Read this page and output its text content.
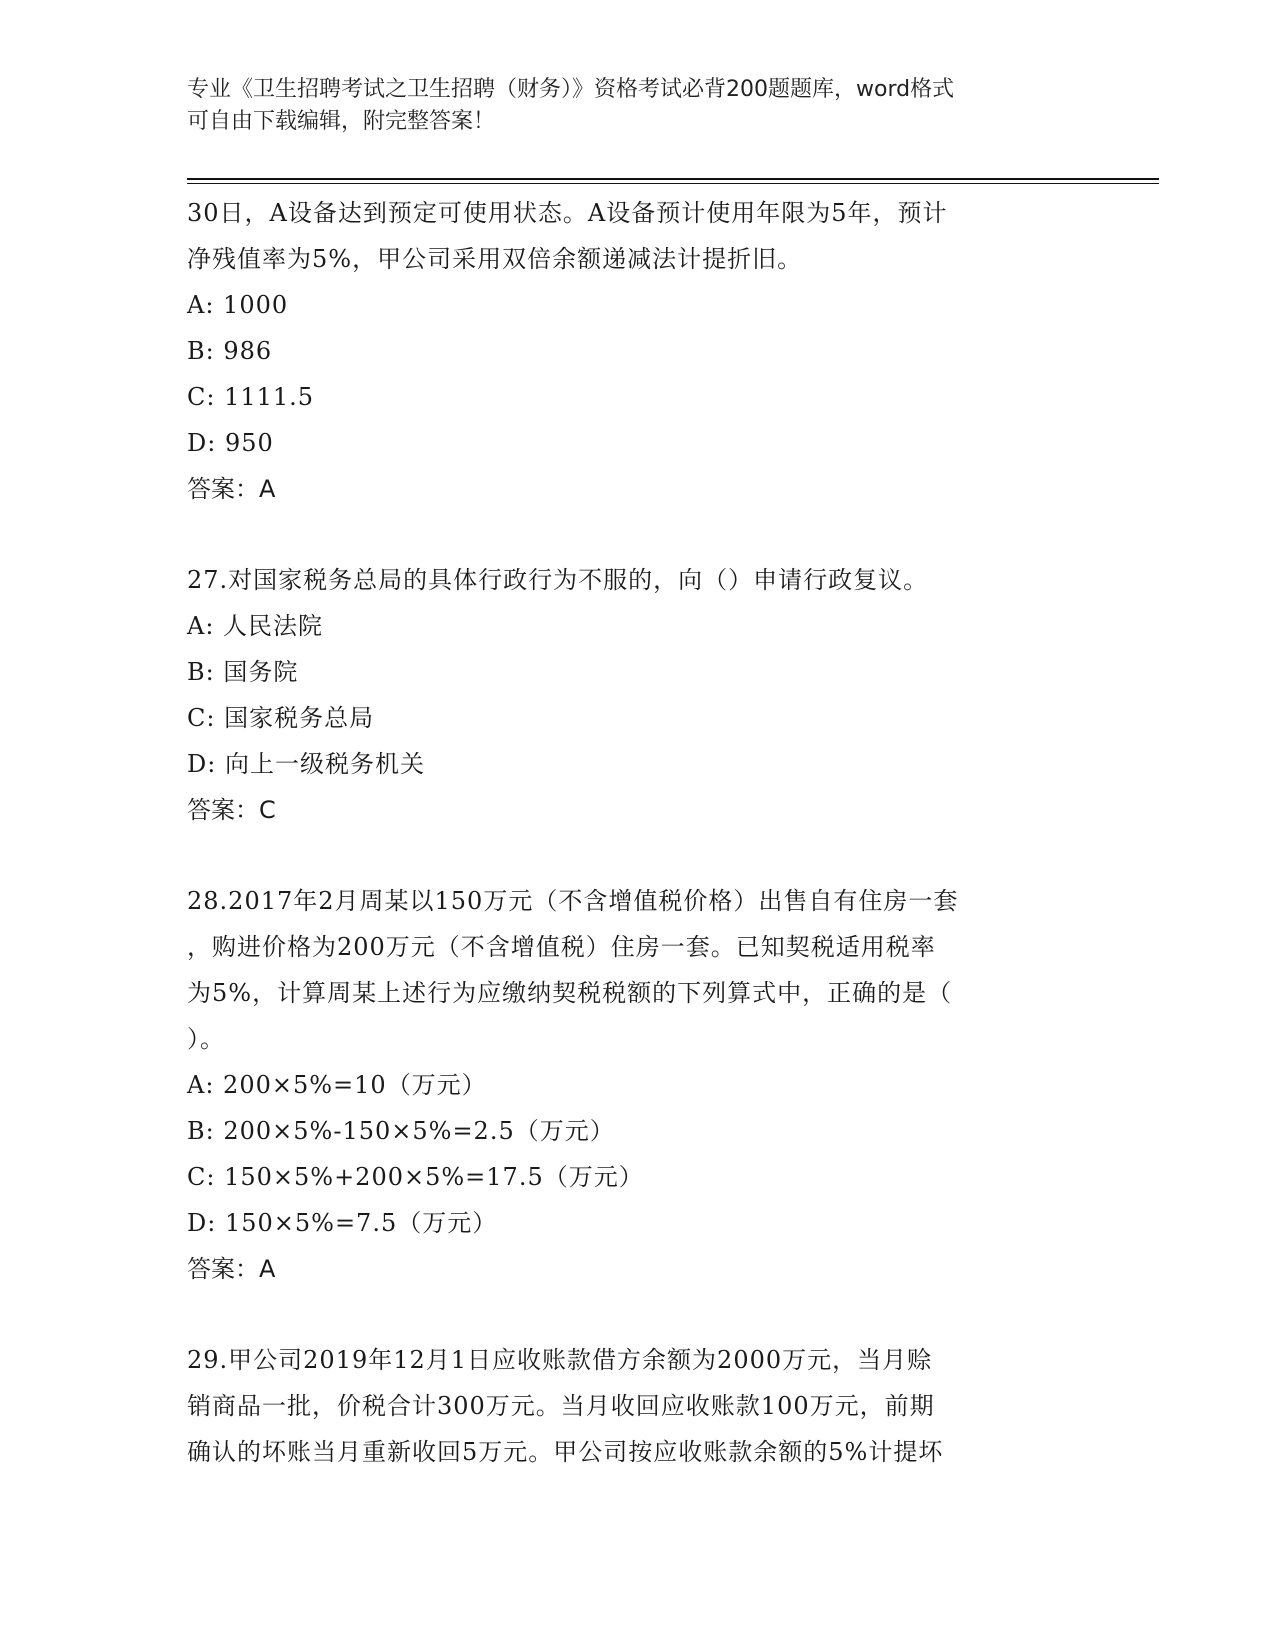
专业《卫生招聘考试之卫生招聘（财务）》资格考试必背200题题库，word格式
可自由下载编辑，附完整答案！

30日，A设备达到预定可使用状态。A设备预计使用年限为5年，预计

净残值率为5%，甲公司采用双倍余额递减法计提折旧。

A: 1000

B: 986

C: 1111.5

D: 950

答案：A

27.对国家税务总局的具体行政行为不服的，向（）申请行政复议。

A: 人民法院

B: 国务院

C: 国家税务总局

D: 向上一级税务机关

答案：C

28.2017年2月周某以150万元（不含增值税价格）出售自有住房一套

，购进价格为200万元（不含增值税）住房一套。已知契税适用税率

为5%，计算周某上述行为应缴纳契税税额的下列算式中，正确的是（

）。

A: 200×5%=10（万元）

B: 200×5%-150×5%=2.5（万元）

C: 150×5%+200×5%=17.5（万元）

D: 150×5%=7.5（万元）

答案：A

29.甲公司2019年12月1日应收账款借方余额为2000万元，当月赊

销商品一批，价税合计300万元。当月收回应收账款100万元，前期

确认的坏账当月重新收回5万元。甲公司按应收账款余额的5%计提坏
